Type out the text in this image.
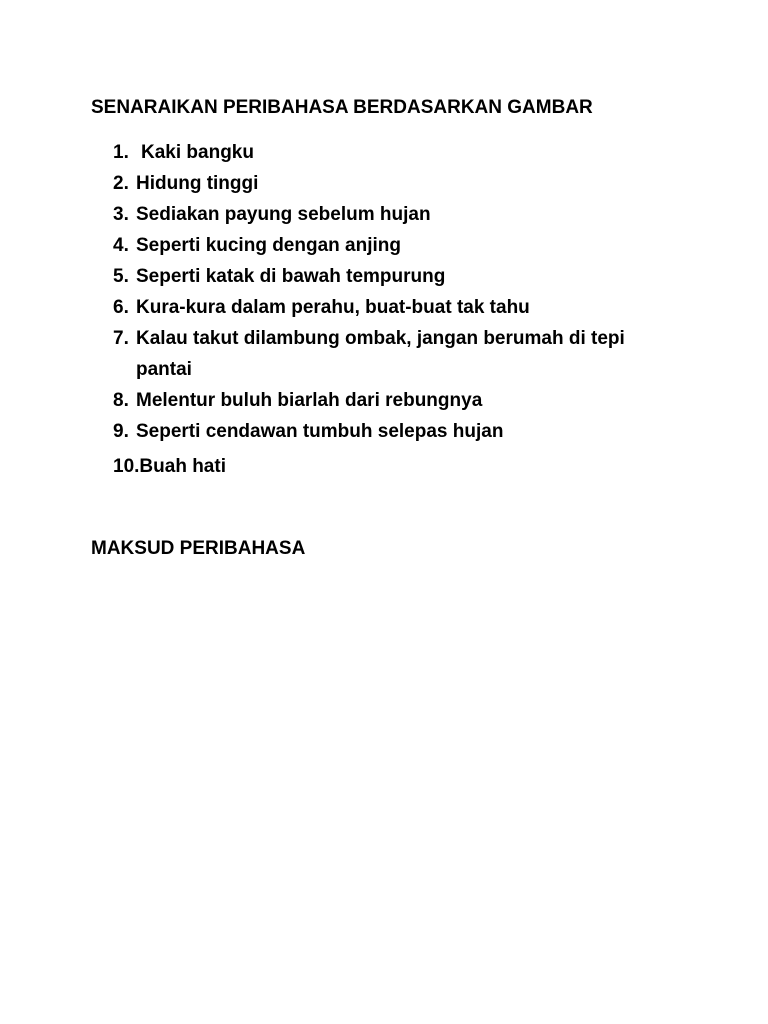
SENARAIKAN PERIBAHASA BERDASARKAN GAMBAR
1. Kaki bangku
2. Hidung tinggi
3. Sediakan payung sebelum hujan
4. Seperti kucing dengan anjing
5. Seperti katak di bawah tempurung
6. Kura-kura dalam perahu, buat-buat tak tahu
7. Kalau takut dilambung ombak, jangan berumah di tepi
pantai
8. Melentur buluh biarlah dari rebungnya
9. Seperti cendawan tumbuh selepas hujan
10. Buah hati
MAKSUD PERIBAHASA
